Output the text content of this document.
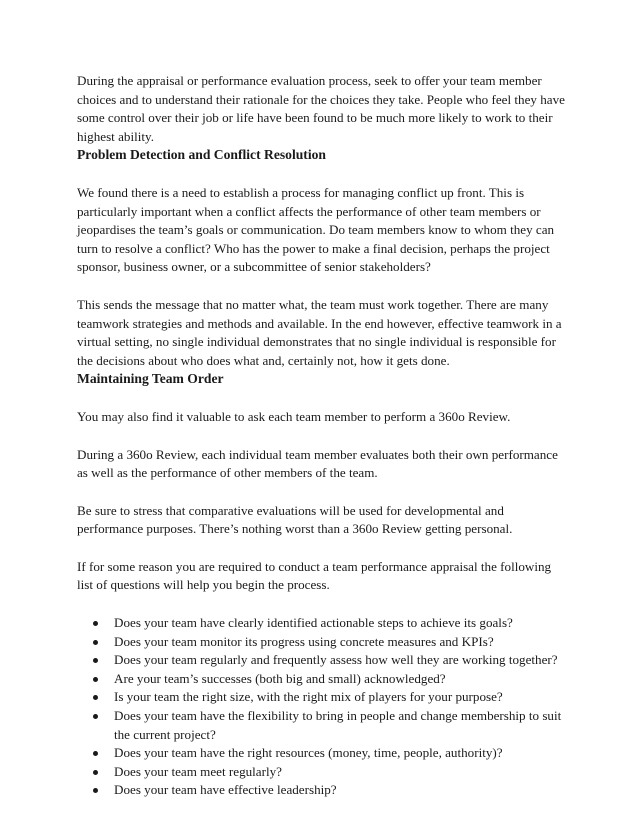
During the appraisal or performance evaluation process, seek to offer your team member choices and to understand their rationale for the choices they take. People who feel they have some control over their job or life have been found to be much more likely to work to their highest ability.

Problem Detection and Conflict Resolution

We found there is a need to establish a process for managing conflict up front. This is particularly important when a conflict affects the performance of other team members or jeopardises the team’s goals or communication. Do team members know to whom they can turn to resolve a conflict? Who has the power to make a final decision, perhaps the project sponsor, business owner, or a subcommittee of senior stakeholders?

This sends the message that no matter what, the team must work together. There are many teamwork strategies and methods and available. In the end however, effective teamwork in a virtual setting, no single individual demonstrates that no single individual is responsible for the decisions about who does what and, certainly not, how it gets done.

Maintaining Team Order

You may also find it valuable to ask each team member to perform a 360o Review.

During a 360o Review, each individual team member evaluates both their own performance as well as the performance of other members of the team.

Be sure to stress that comparative evaluations will be used for developmental and performance purposes. There’s nothing worst than a 360o Review getting personal.

If for some reason you are required to conduct a team performance appraisal the following list of questions will help you begin the process.

Does your team have clearly identified actionable steps to achieve its goals?
Does your team monitor its progress using concrete measures and KPIs?
Does your team regularly and frequently assess how well they are working together?
Are your team’s successes (both big and small) acknowledged?
Is your team the right size, with the right mix of players for your purpose?
Does your team have the flexibility to bring in people and change membership to suit the current project?
Does your team have the right resources (money, time, people, authority)?
Does your team meet regularly?
Does your team have effective leadership?
